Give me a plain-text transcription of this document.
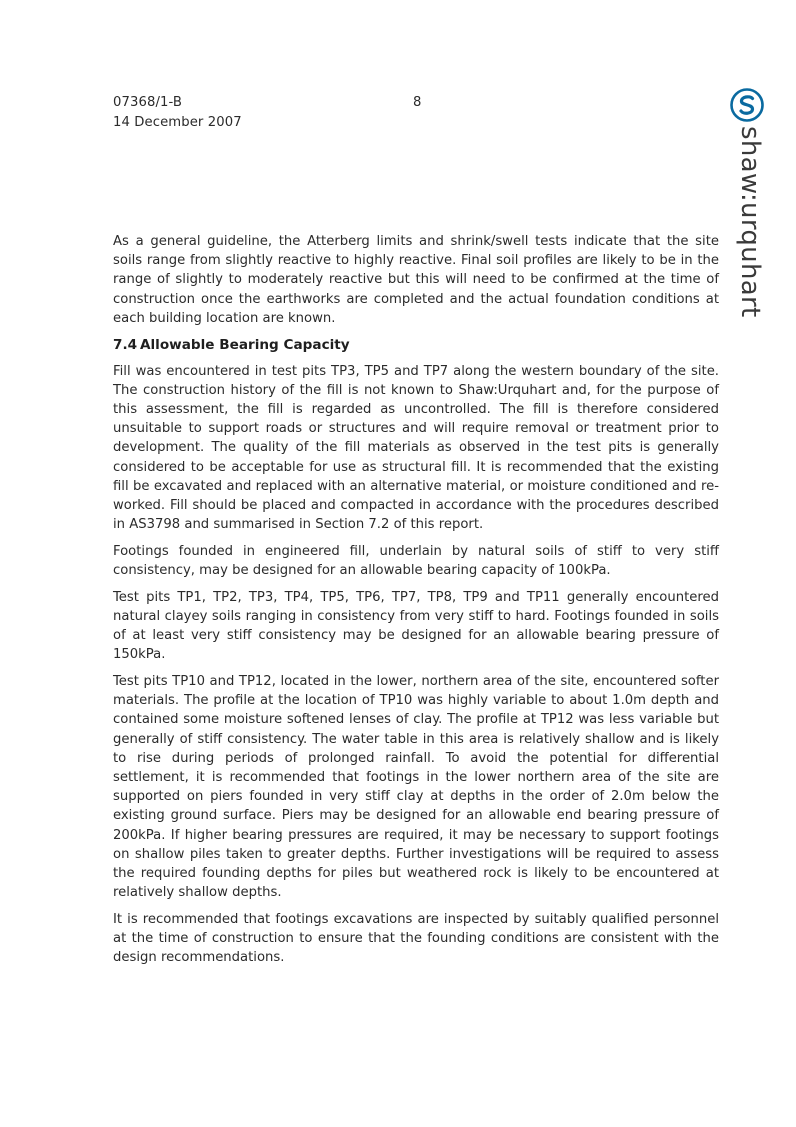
07368/1-B
14 December 2007
8
shaw:urquhart

As a general guideline, the Atterberg limits and shrink/swell tests indicate that the site soils range from slightly reactive to highly reactive. Final soil profiles are likely to be in the range of slightly to moderately reactive but this will need to be confirmed at the time of construction once the earthworks are completed and the actual foundation conditions at each building location are known.

7.4 Allowable Bearing Capacity

Fill was encountered in test pits TP3, TP5 and TP7 along the western boundary of the site. The construction history of the fill is not known to Shaw:Urquhart and, for the purpose of this assessment, the fill is regarded as uncontrolled. The fill is therefore considered unsuitable to support roads or structures and will require removal or treatment prior to development. The quality of the fill materials as observed in the test pits is generally considered to be acceptable for use as structural fill. It is recommended that the existing fill be excavated and replaced with an alternative material, or moisture conditioned and re-worked. Fill should be placed and compacted in accordance with the procedures described in AS3798 and summarised in Section 7.2 of this report.

Footings founded in engineered fill, underlain by natural soils of stiff to very stiff consistency, may be designed for an allowable bearing capacity of 100kPa.

Test pits TP1, TP2, TP3, TP4, TP5, TP6, TP7, TP8, TP9 and TP11 generally encountered natural clayey soils ranging in consistency from very stiff to hard. Footings founded in soils of at least very stiff consistency may be designed for an allowable bearing pressure of 150kPa.

Test pits TP10 and TP12, located in the lower, northern area of the site, encountered softer materials. The profile at the location of TP10 was highly variable to about 1.0m depth and contained some moisture softened lenses of clay. The profile at TP12 was less variable but generally of stiff consistency. The water table in this area is relatively shallow and is likely to rise during periods of prolonged rainfall. To avoid the potential for differential settlement, it is recommended that footings in the lower northern area of the site are supported on piers founded in very stiff clay at depths in the order of 2.0m below the existing ground surface. Piers may be designed for an allowable end bearing pressure of 200kPa. If higher bearing pressures are required, it may be necessary to support footings on shallow piles taken to greater depths. Further investigations will be required to assess the required founding depths for piles but weathered rock is likely to be encountered at relatively shallow depths.

It is recommended that footings excavations are inspected by suitably qualified personnel at the time of construction to ensure that the founding conditions are consistent with the design recommendations.
